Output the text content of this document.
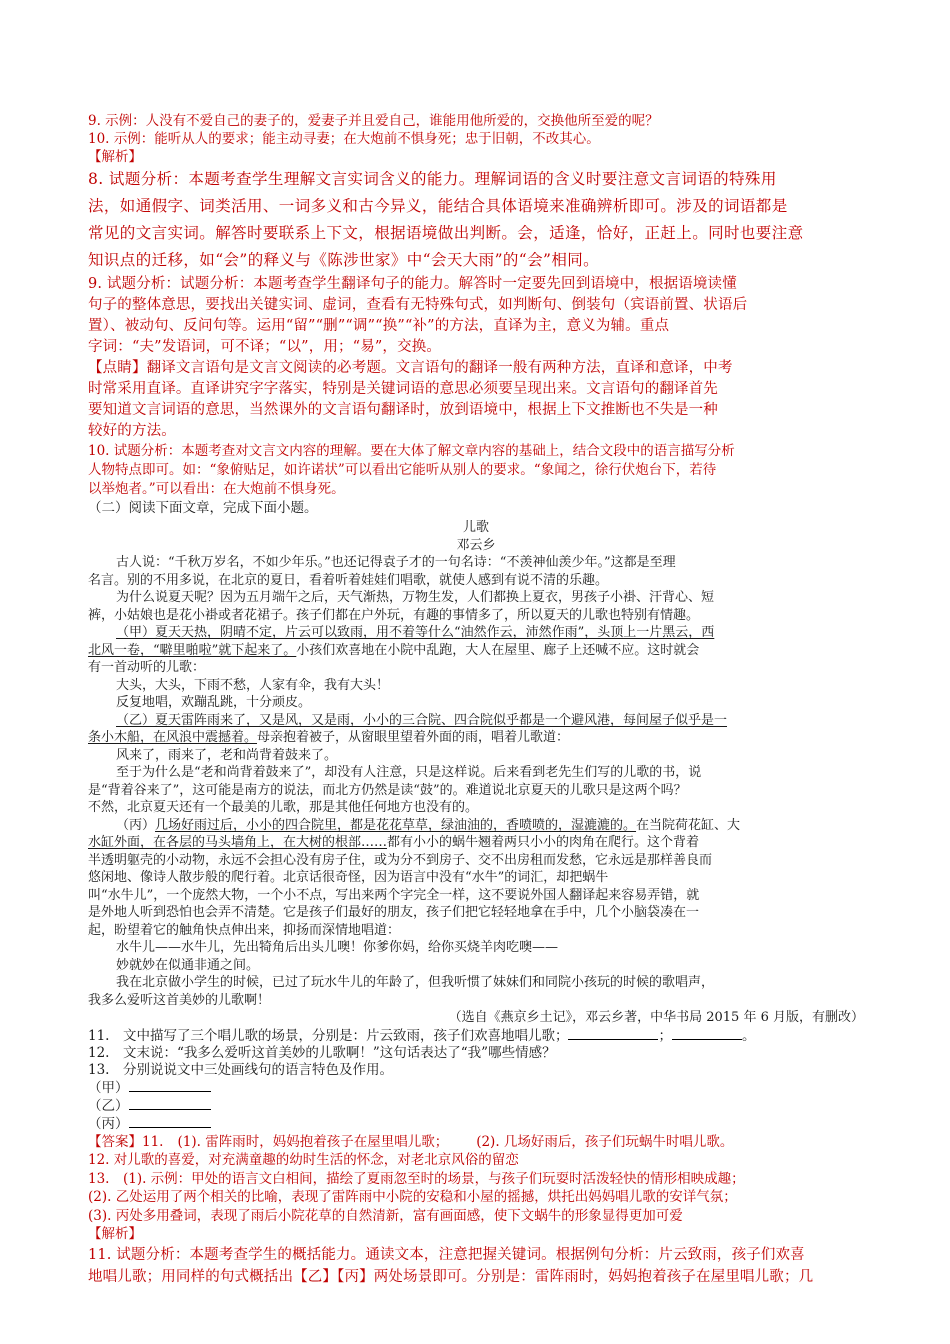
9. 示例：人没有不爱自己的妻子的，爱妻子并且爱自己，谁能用他所爱的，交换他所至爱的呢？
10. 示例：能听从人的要求；能主动寻妻；在大炮前不惧身死；忠于旧朝，不改其心。
【解析】
8. 试题分析：本题考查学生理解文言实词含义的能力。理解词语的含义时要注意文言词语的特殊用
法，如通假字、词类活用、一词多义和古今异义，能结合具体语境来准确辨析即可。涉及的词语都是
常见的文言实词。解答时要联系上下文，根据语境做出判断。会，适逢，恰好，正赶上。同时也要注意
知识点的迁移，如“会”的释义与《陈涉世家》中“会天大雨”的“会”相同。
9. 试题分析：试题分析：本题考查学生翻译句子的能力。解答时一定要先回到语境中，根据语境读懂
句子的整体意思，要找出关键实词、虚词，查看有无特殊句式，如判断句、倒装句（宾语前置、状语后
置）、被动句、反问句等。运用“留”“删”“调”“换”“补”的方法，直译为主，意义为辅。重点
字词：“夫”发语词，可不译；“以”，用；“易”，交换。
【点睛】翻译文言语句是文言文阅读的必考题。文言语句的翻译一般有两种方法，直译和意译，中考
时常采用直译。直译讲究字字落实，特别是关键词语的意思必须要呈现出来。文言语句的翻译首先
要知道文言词语的意思，当然课外的文言语句翻译时，放到语境中，根据上下文推断也不失是一种
较好的方法。
10. 试题分析：本题考查对文言文内容的理解。要在大体了解文章内容的基础上，结合文段中的语言描写分析
人物特点即可。如：“象俯贴足，如许诺状”可以看出它能听从别人的要求。“象闻之，徐行伏炮台下，若待
以举炮者。”可以看出：在大炮前不惧身死。
（二）阅读下面文章，完成下面小题。
儿歌
邓云乡
古人说：“千秋万岁名，不如少年乐。”也还记得袁子才的一句名诗：“不羡神仙羡少年。”这都是至理
名言。别的不用多说，在北京的夏日，看着听着娃娃们唱歌，就使人感到有说不清的乐趣。
为什么说夏天呢？因为五月端午之后，天气渐热，万物生发，人们都换上夏衣，男孩子小褂、汗背心、短
裤，小姑娘也是花小褂或者花裙子。孩子们都在户外玩，有趣的事情多了，所以夏天的儿歌也特别有情趣。
（甲）夏天天热，阴晴不定，片云可以致雨，用不着等什么“油然作云，沛然作雨”，头顶上一片黑云，西
北风一卷，“噼里啪啦”就下起来了。小孩们欢喜地在小院中乱跑，大人在屋里、廊子上还喊不应。这时就会
有一首动听的儿歌：
大头，大头，下雨不愁，人家有伞，我有大头！
反复地唱，欢蹦乱跳，十分顽皮。
（乙）夏天雷阵雨来了，又是风，又是雨，小小的三合院、四合院似乎都是一个避风港，每间屋子似乎是一
条小木船，在风浪中震撼着。母亲抱着被子，从窗眼里望着外面的雨，唱着儿歌道：
风来了，雨来了，老和尚背着鼓来了。
至于为什么是“老和尚背着鼓来了”，却没有人注意，只是这样说。后来看到老先生们写的儿歌的书，说
是“背着谷来了”，这可能是南方的说法，而北方仍然是读“鼓”的。难道说北京夏天的儿歌只是这两个吗？
不然，北京夏天还有一个最美的儿歌，那是其他任何地方也没有的。
（丙）几场好雨过后，小小的四合院里，都是花花草草，绿油油的，香喷喷的，湿漉漉的。在当院荷花缸、大
水缸外面，在各层的马头墙角上，在大树的根部……都有小小的蜗牛翘着两只小小的肉角在爬行。这个背着
半透明躯壳的小动物，永远不会担心没有房子住，或为分不到房子、交不出房租而发愁，它永远是那样善良而
悠闲地、像诗人散步般的爬行着。北京话很奇怪，因为语言中没有“水牛”的词汇，却把蜗牛
叫“水牛儿”，一个庞然大物，一个小不点，写出来两个字完全一样，这不要说外国人翻译起来容易弄错，就
是外地人听到恐怕也会弄不清楚。它是孩子们最好的朋友，孩子们把它轻轻地拿在手中，几个小脑袋凑在一
起，盼望着它的触角快点伸出来，抑扬而深情地唱道：
水牛儿——水牛儿，先出犄角后出头儿噢！你爹你妈，给你买烧羊肉吃噢——
妙就妙在似通非通之间。
我在北京做小学生的时候，已过了玩水牛儿的年龄了，但我听惯了妹妹们和同院小孩玩的时候的歌唱声，
我多么爱听这首美妙的儿歌啊！
（选自《燕京乡土记》，邓云乡著，中华书局 2015 年 6 月版，有删改）
11.　文中描写了三个唱儿歌的场景，分别是：片云致雨，孩子们欢喜地唱儿歌；	；	。
12.　文末说：“我多么爱听这首美妙的儿歌啊！”这句话表达了“我”哪些情感？
13.　分别说说文中三处画线句的语言特色及作用。
（甲）
（乙）
（丙）
【答案】11. (1). 雷阵雨时，妈妈抱着孩子在屋里唱儿歌； (2). 几场好雨后，孩子们玩蜗牛时唱儿歌。
12. 对儿歌的喜爱，对充满童趣的幼时生活的怀念，对老北京风俗的留恋
13.　(1). 示例：甲处的语言文白相间，描绘了夏雨忽至时的场景，与孩子们玩耍时活泼轻快的情形相映成趣；
(2). 乙处运用了两个相关的比喻，表现了雷阵雨中小院的安稳和小屋的摇撼，烘托出妈妈唱儿歌的安详气氛；
(3). 丙处多用叠词，表现了雨后小院花草的自然清新，富有画面感，使下文蜗牛的形象显得更加可爱
【解析】
11. 试题分析：本题考查学生的概括能力。通读文本，注意把握关键词。根据例句分析：片云致雨，孩子们欢喜
地唱儿歌；用同样的句式概括出【乙】【丙】两处场景即可。分别是：雷阵雨时，妈妈抱着孩子在屋里唱儿歌；几
